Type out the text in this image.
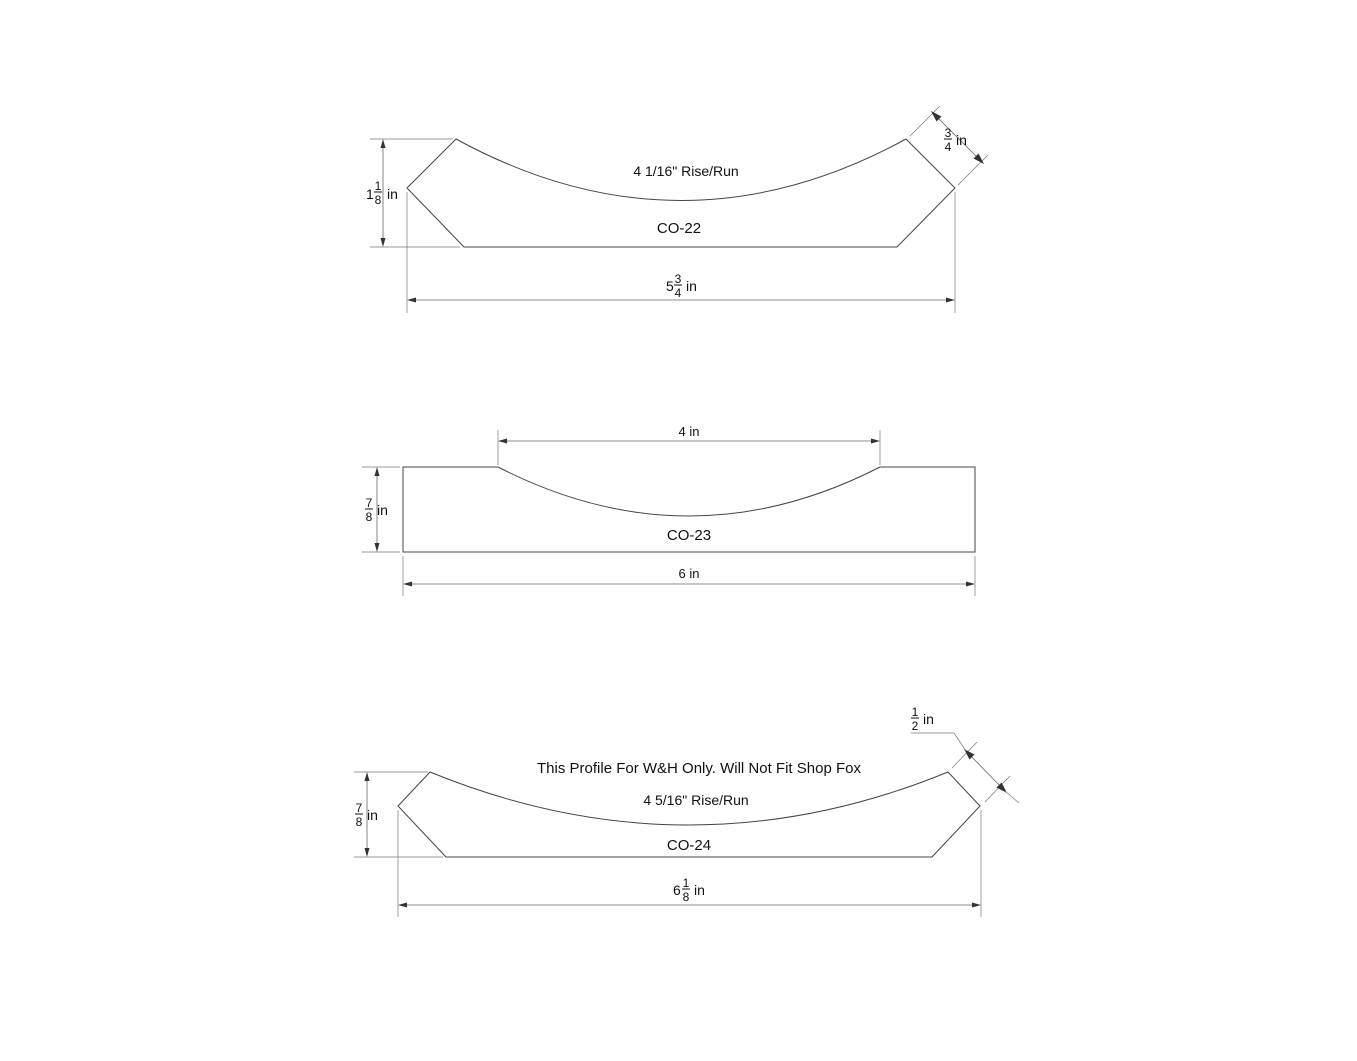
1 1
8 in
5 3
4 in
3
4 in
4 1/16" Rise/Run
CO-22
4 in
7
8 in
6 in
CO-23
7
8 in
6 1
8 in
1
2 in
This Profile For W&H Only. Will Not Fit Shop Fox
4 5/16" Rise/Run
CO-24
